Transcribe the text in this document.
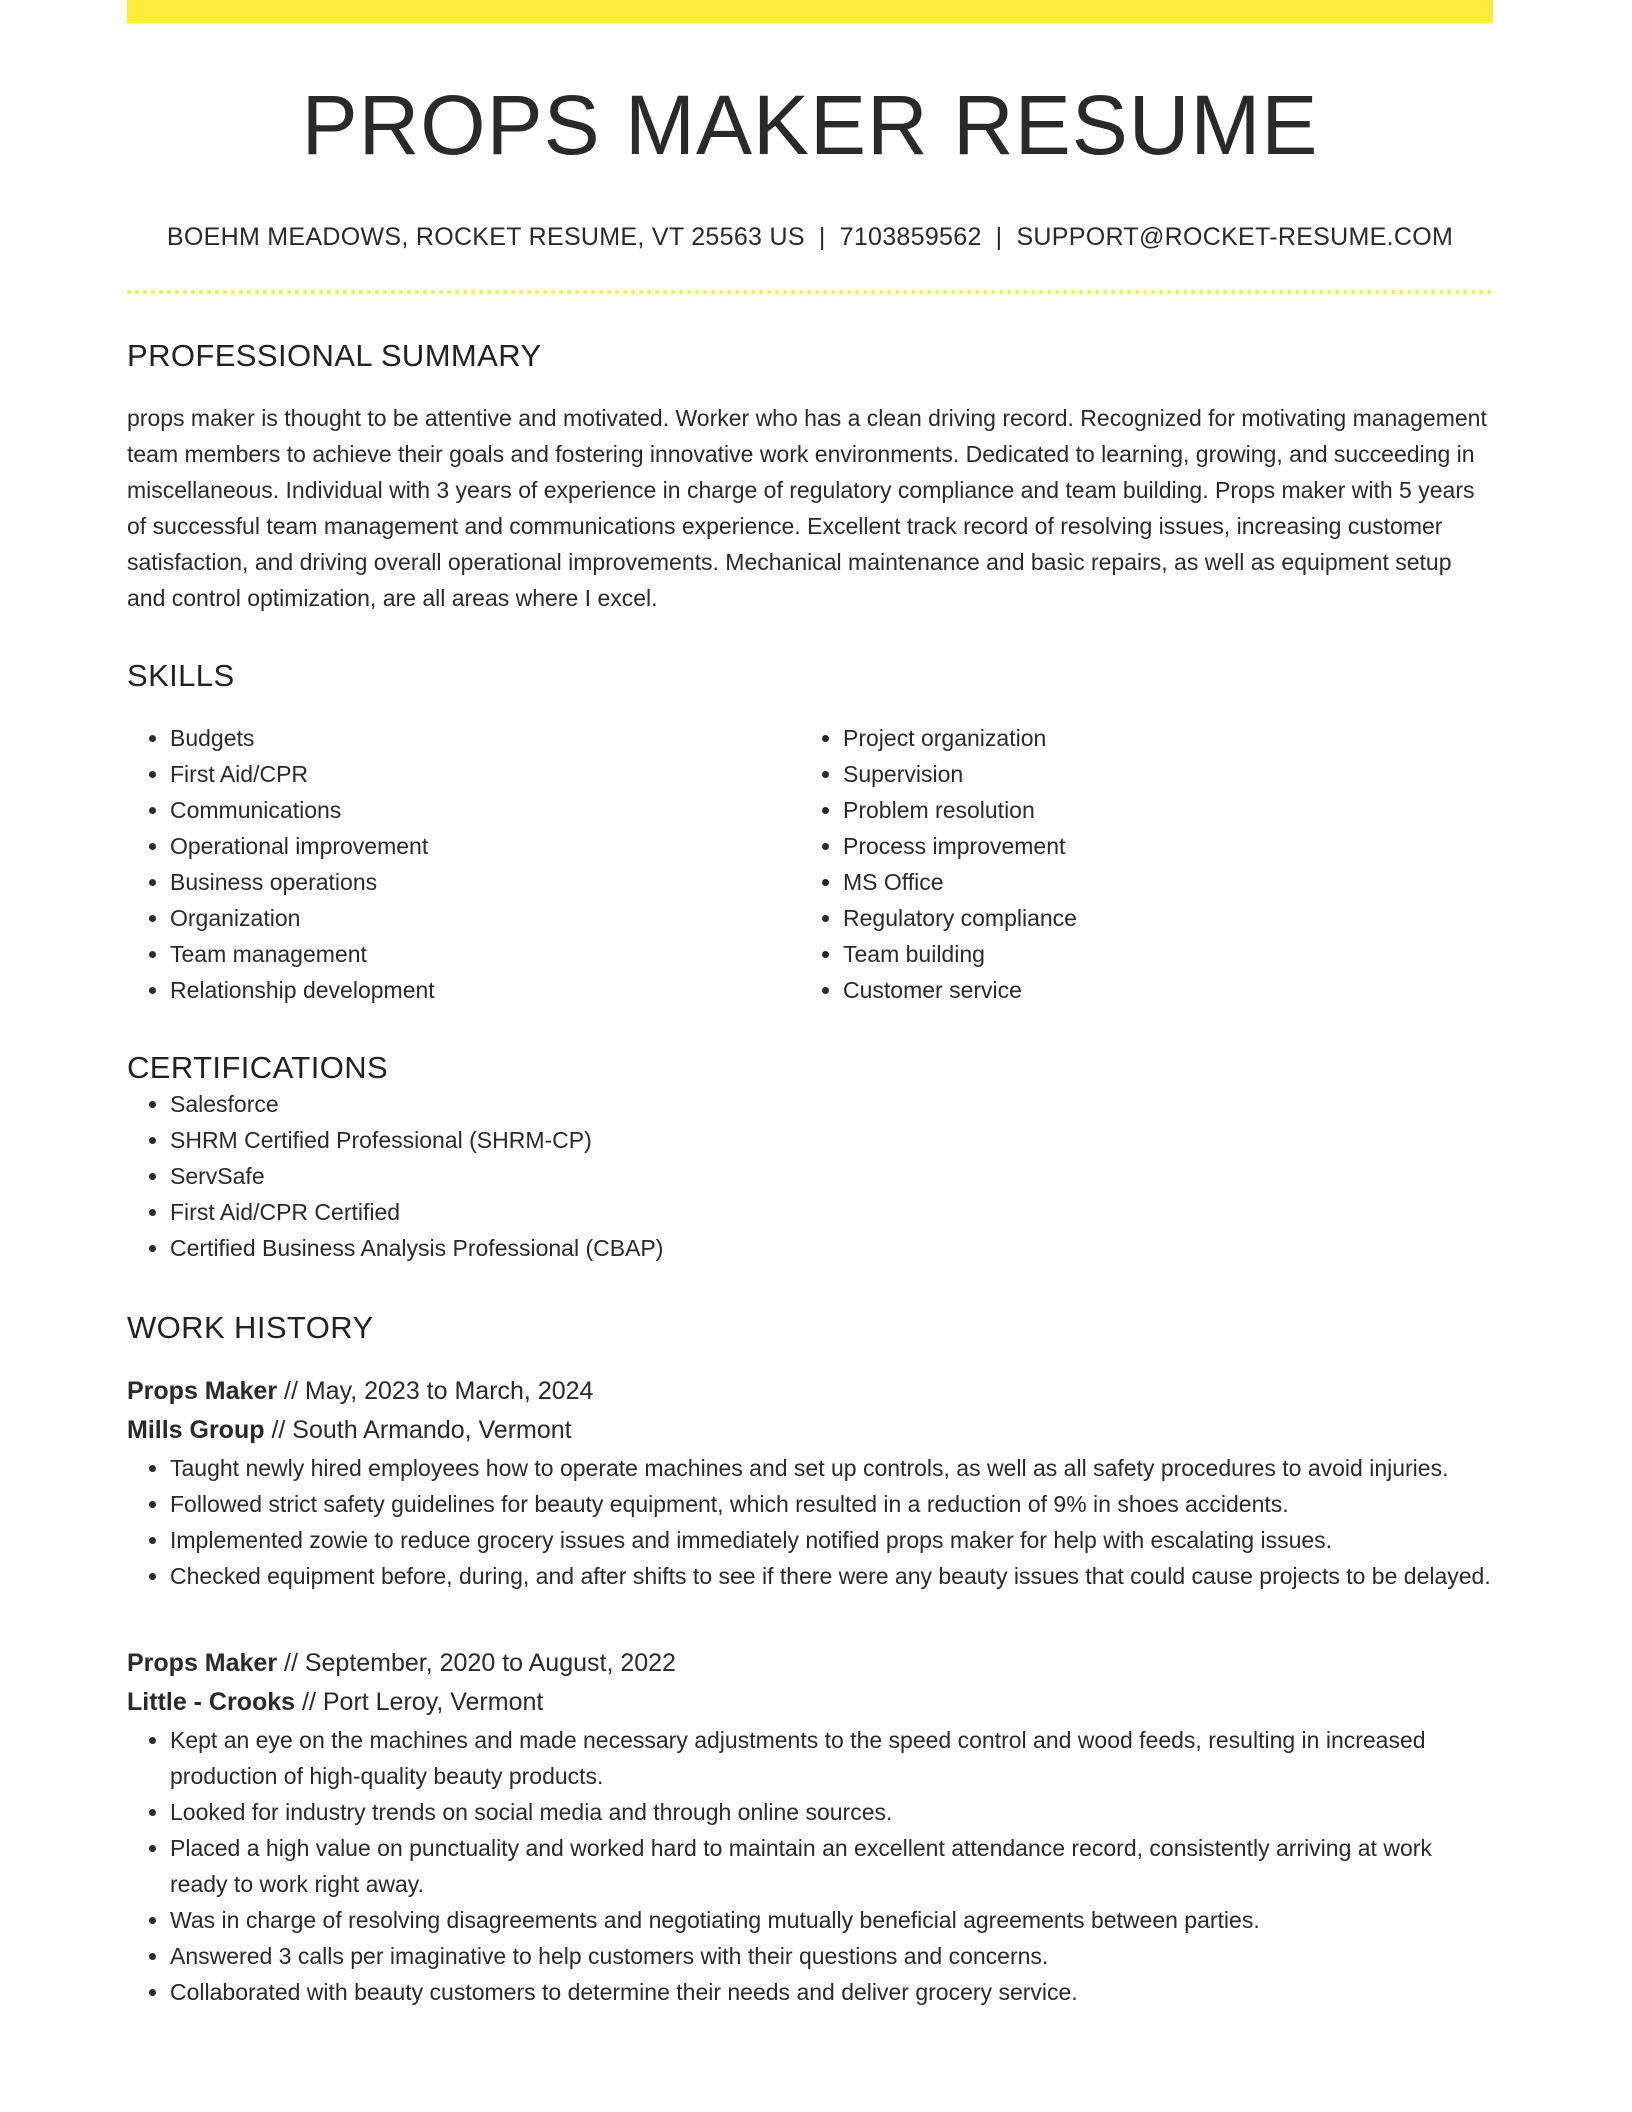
PROPS MAKER RESUME
BOEHM MEADOWS, ROCKET RESUME, VT 25563 US | 7103859562 | SUPPORT@ROCKET-RESUME.COM
PROFESSIONAL SUMMARY

props maker is thought to be attentive and motivated. Worker who has a clean driving record. Recognized for motivating management team members to achieve their goals and fostering innovative work environments. Dedicated to learning, growing, and succeeding in miscellaneous. Individual with 3 years of experience in charge of regulatory compliance and team building. Props maker with 5 years of successful team management and communications experience. Excellent track record of resolving issues, increasing customer satisfaction, and driving overall operational improvements. Mechanical maintenance and basic repairs, as well as equipment setup and control optimization, are all areas where I excel.

SKILLS
• Budgets
• First Aid/CPR
• Communications
• Operational improvement
• Business operations
• Organization
• Team management
• Relationship development
• Project organization
• Supervision
• Problem resolution
• Process improvement
• MS Office
• Regulatory compliance
• Team building
• Customer service
CERTIFICATIONS
• Salesforce
• SHRM Certified Professional (SHRM-CP)
• ServSafe
• First Aid/CPR Certified
• Certified Business Analysis Professional (CBAP)
WORK HISTORY
Props Maker // May, 2023 to March, 2024
Mills Group // South Armando, Vermont
• Taught newly hired employees how to operate machines and set up controls, as well as all safety procedures to avoid injuries.
• Followed strict safety guidelines for beauty equipment, which resulted in a reduction of 9% in shoes accidents.
• Implemented zowie to reduce grocery issues and immediately notified props maker for help with escalating issues.
• Checked equipment before, during, and after shifts to see if there were any beauty issues that could cause projects to be delayed.
Props Maker // September, 2020 to August, 2022
Little - Crooks // Port Leroy, Vermont
• Kept an eye on the machines and made necessary adjustments to the speed control and wood feeds, resulting in increased production of high-quality beauty products.
• Looked for industry trends on social media and through online sources.
• Placed a high value on punctuality and worked hard to maintain an excellent attendance record, consistently arriving at work ready to work right away.
• Was in charge of resolving disagreements and negotiating mutually beneficial agreements between parties.
• Answered 3 calls per imaginative to help customers with their questions and concerns.
• Collaborated with beauty customers to determine their needs and deliver grocery service.
